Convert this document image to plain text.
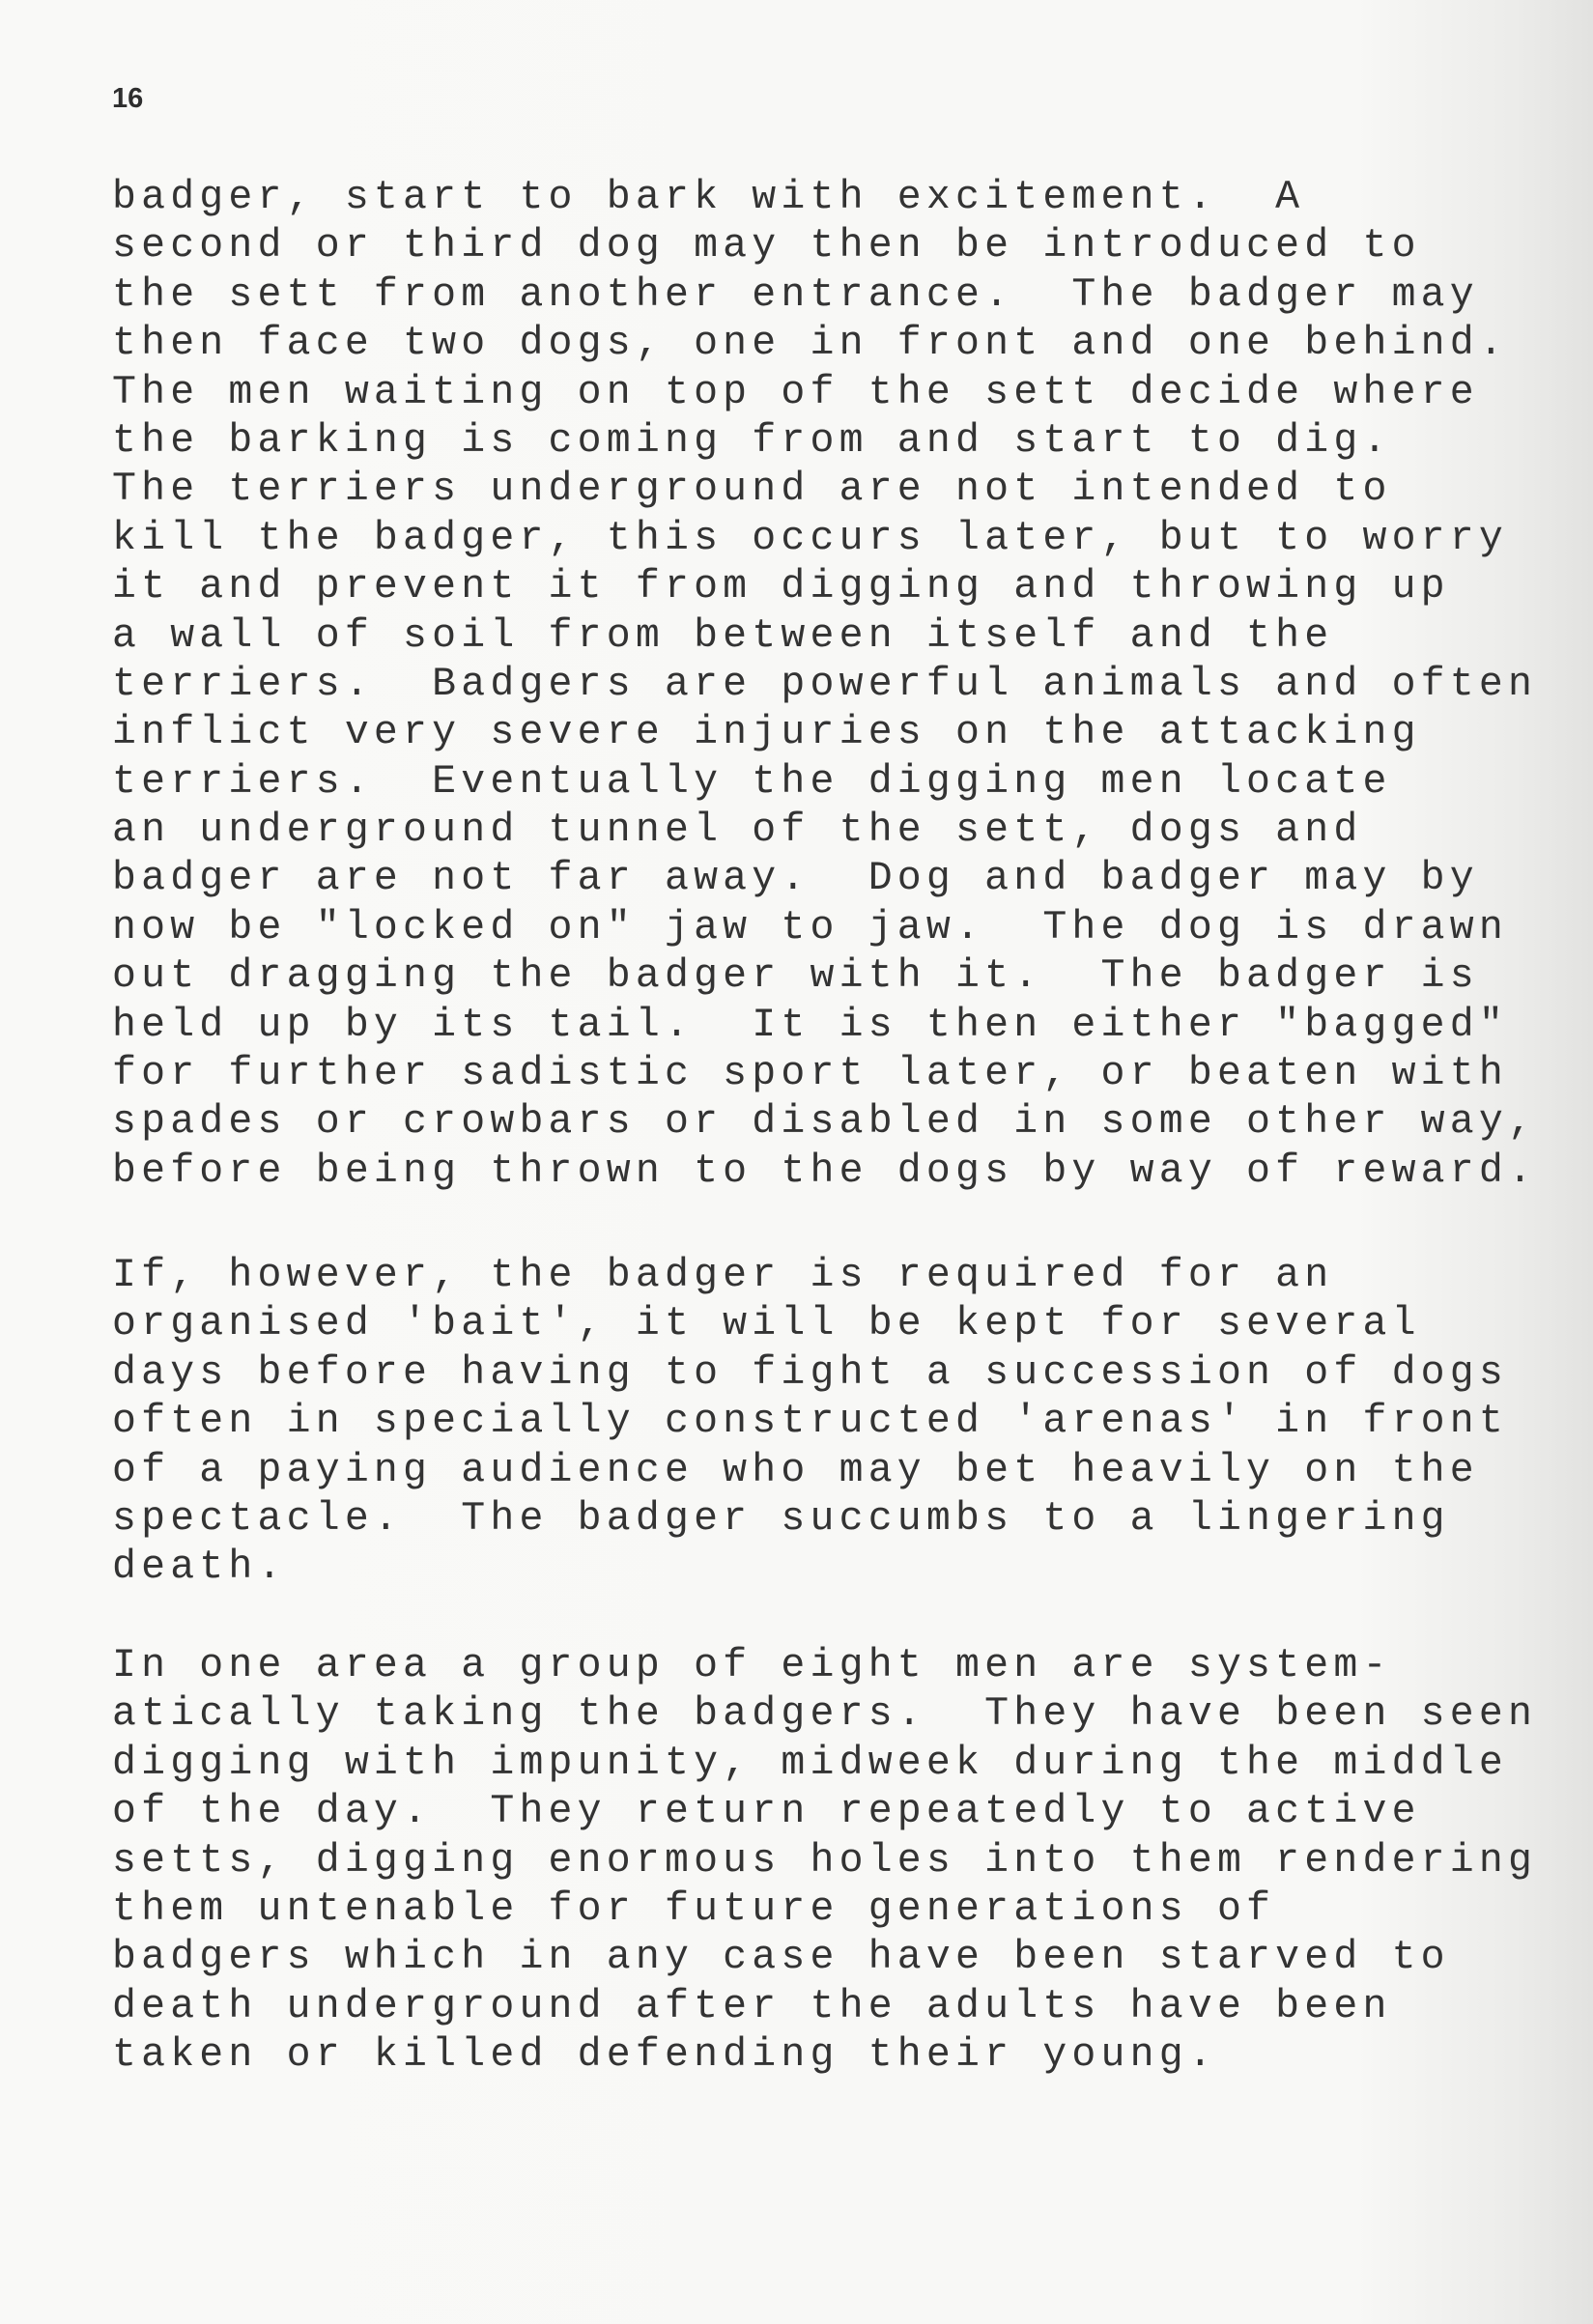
16

badger, start to bark with excitement.  A
second or third dog may then be introduced to
the sett from another entrance.  The badger may
then face two dogs, one in front and one behind.
The men waiting on top of the sett decide where
the barking is coming from and start to dig.
The terriers underground are not intended to
kill the badger, this occurs later, but to worry
it and prevent it from digging and throwing up
a wall of soil from between itself and the
terriers.  Badgers are powerful animals and often
inflict very severe injuries on the attacking
terriers.  Eventually the digging men locate
an underground tunnel of the sett, dogs and
badger are not far away.  Dog and badger may by
now be "locked on" jaw to jaw.  The dog is drawn
out dragging the badger with it.  The badger is
held up by its tail.  It is then either "bagged"
for further sadistic sport later, or beaten with
spades or crowbars or disabled in some other way,
before being thrown to the dogs by way of reward.
If, however, the badger is required for an
organised 'bait', it will be kept for several
days before having to fight a succession of dogs
often in specially constructed 'arenas' in front
of a paying audience who may bet heavily on the
spectacle.  The badger succumbs to a lingering
death.
In one area a group of eight men are system-
atically taking the badgers.  They have been seen
digging with impunity, midweek during the middle
of the day.  They return repeatedly to active
setts, digging enormous holes into them rendering
them untenable for future generations of
badgers which in any case have been starved to
death underground after the adults have been
taken or killed defending their young.
